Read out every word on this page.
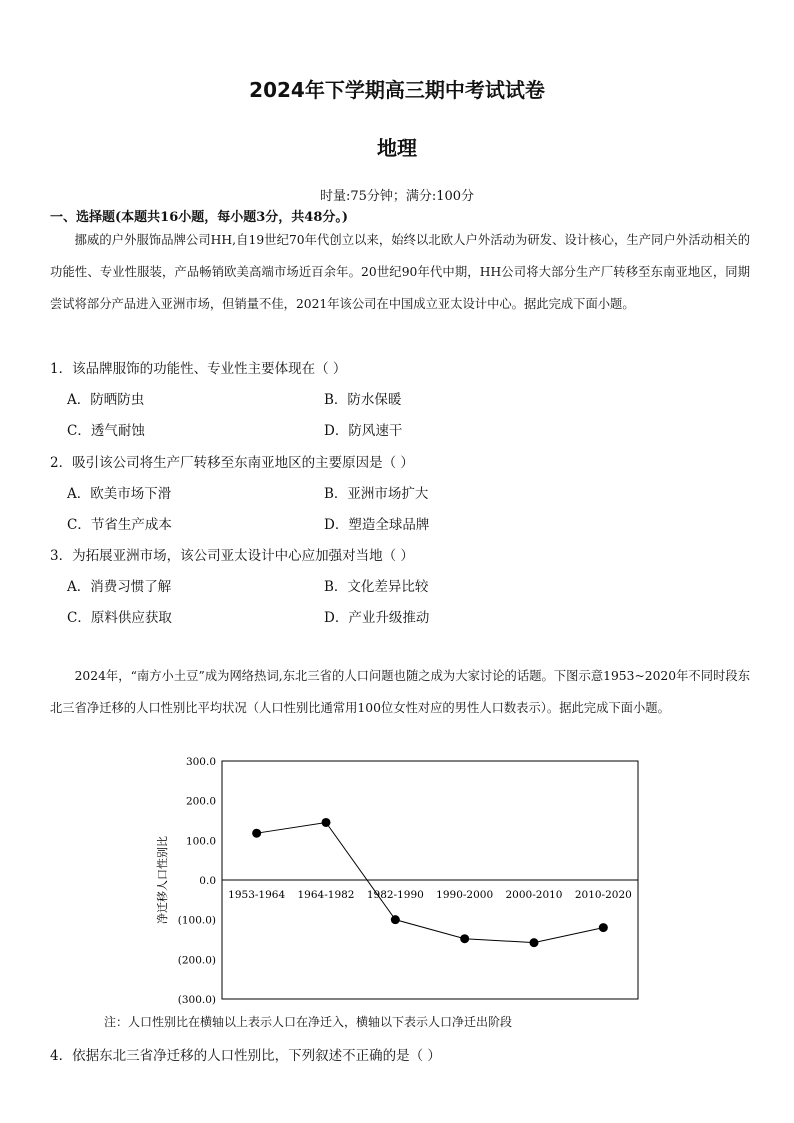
2024年下学期高三期中考试试卷
地理
时量:75分钟；满分:100分
一、选择题(本题共16小题，每小题3分，共48分。)
挪威的户外服饰品牌公司HH,自19世纪70年代创立以来，始终以北欧人户外活动为研发、设计核心，生产同户外活动相关的功能性、专业性服装，产品畅销欧美高端市场近百余年。20世纪90年代中期，HH公司将大部分生产厂转移至东南亚地区，同期尝试将部分产品进入亚洲市场，但销量不佳，2021年该公司在中国成立亚太设计中心。据此完成下面小题。
1．该品牌服饰的功能性、专业性主要体现在（ ）
A．防晒防虫	B．防水保暖
C．透气耐蚀	D．防风速干
2．吸引该公司将生产厂转移至东南亚地区的主要原因是（ ）
A．欧美市场下滑	B．亚洲市场扩大
C．节省生产成本	D．塑造全球品牌
3．为拓展亚洲市场，该公司亚太设计中心应加强对当地（ ）
A．消费习惯了解	B．文化差异比较
C．原料供应获取	D．产业升级推动
2024年，“南方小土豆”成为网络热词,东北三省的人口问题也随之成为大家讨论的话题。下图示意1953~2020年不同时段东北三省净迁移的人口性别比平均状况（人口性别比通常用100位女性对应的男性人口数表示）。据此完成下面小题。
300.0
200.0
100.0
0.0
(100.0)
(200.0)
(300.0)
1953-1964 1964-1982 1982-1990 1990-2000 2000-2010 2010-2020
净迁移人口性别比
注：人口性别比在横轴以上表示人口在净迁入，横轴以下表示人口净迁出阶段
4．依据东北三省净迁移的人口性别比，下列叙述不正确的是（ ）
